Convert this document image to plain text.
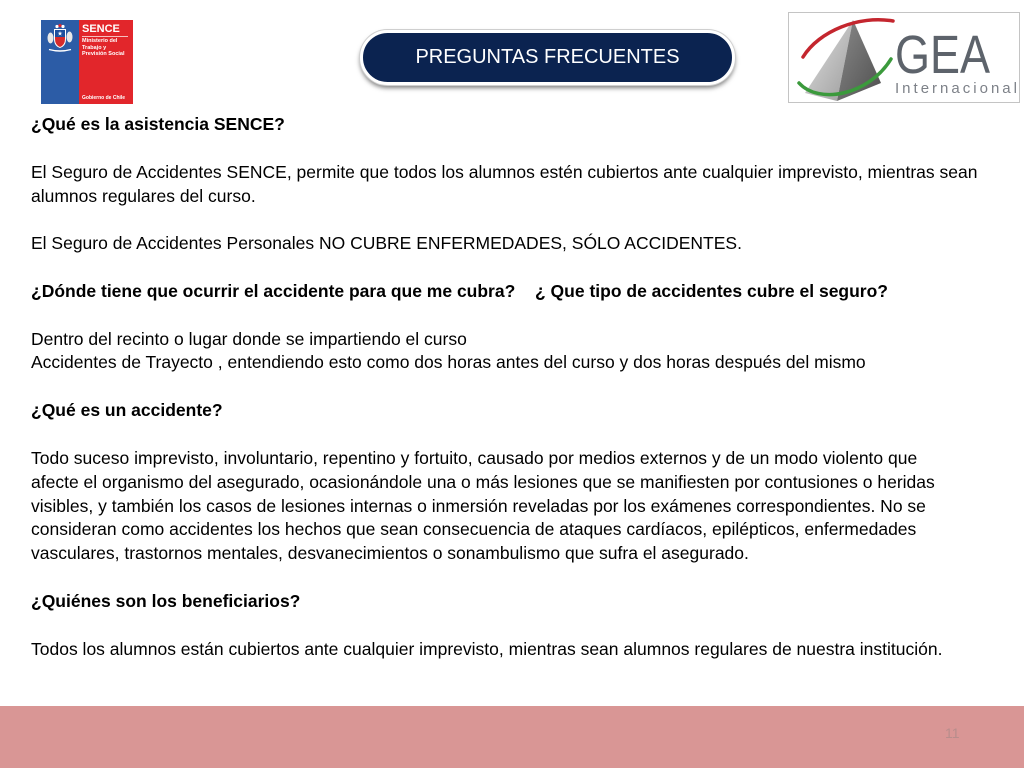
SENCE
Ministerio del
Trabajo y
Previsión Social
Gobierno de Chile
PREGUNTAS FRECUENTES	GEA
Internacional
¿Qué es la asistencia SENCE?
El Seguro de Accidentes SENCE, permite que todos los alumnos estén cubiertos ante cualquier imprevisto, mientras sean
alumnos regulares del curso.
El Seguro de Accidentes Personales NO CUBRE ENFERMEDADES, SÓLO ACCIDENTES.
¿Dónde tiene que ocurrir el accidente para que me cubra? ¿ Que tipo de accidentes cubre el seguro?
Dentro del recinto o lugar donde se impartiendo el curso
Accidentes de Trayecto , entendiendo esto como dos horas antes del curso y dos horas después del mismo
¿Qué es un accidente?
Todo suceso imprevisto, involuntario, repentino y fortuito, causado por medios externos y de un modo violento que
afecte el organismo del asegurado, ocasionándole una o más lesiones que se manifiesten por contusiones o heridas
visibles, y también los casos de lesiones internas o inmersión reveladas por los exámenes correspondientes. No se
consideran como accidentes los hechos que sean consecuencia de ataques cardíacos, epilépticos, enfermedades
vasculares, trastornos mentales, desvanecimientos o sonambulismo que sufra el asegurado.
¿Quiénes son los beneficiarios?
Todos los alumnos están cubiertos ante cualquier imprevisto, mientras sean alumnos regulares de nuestra institución.
11
